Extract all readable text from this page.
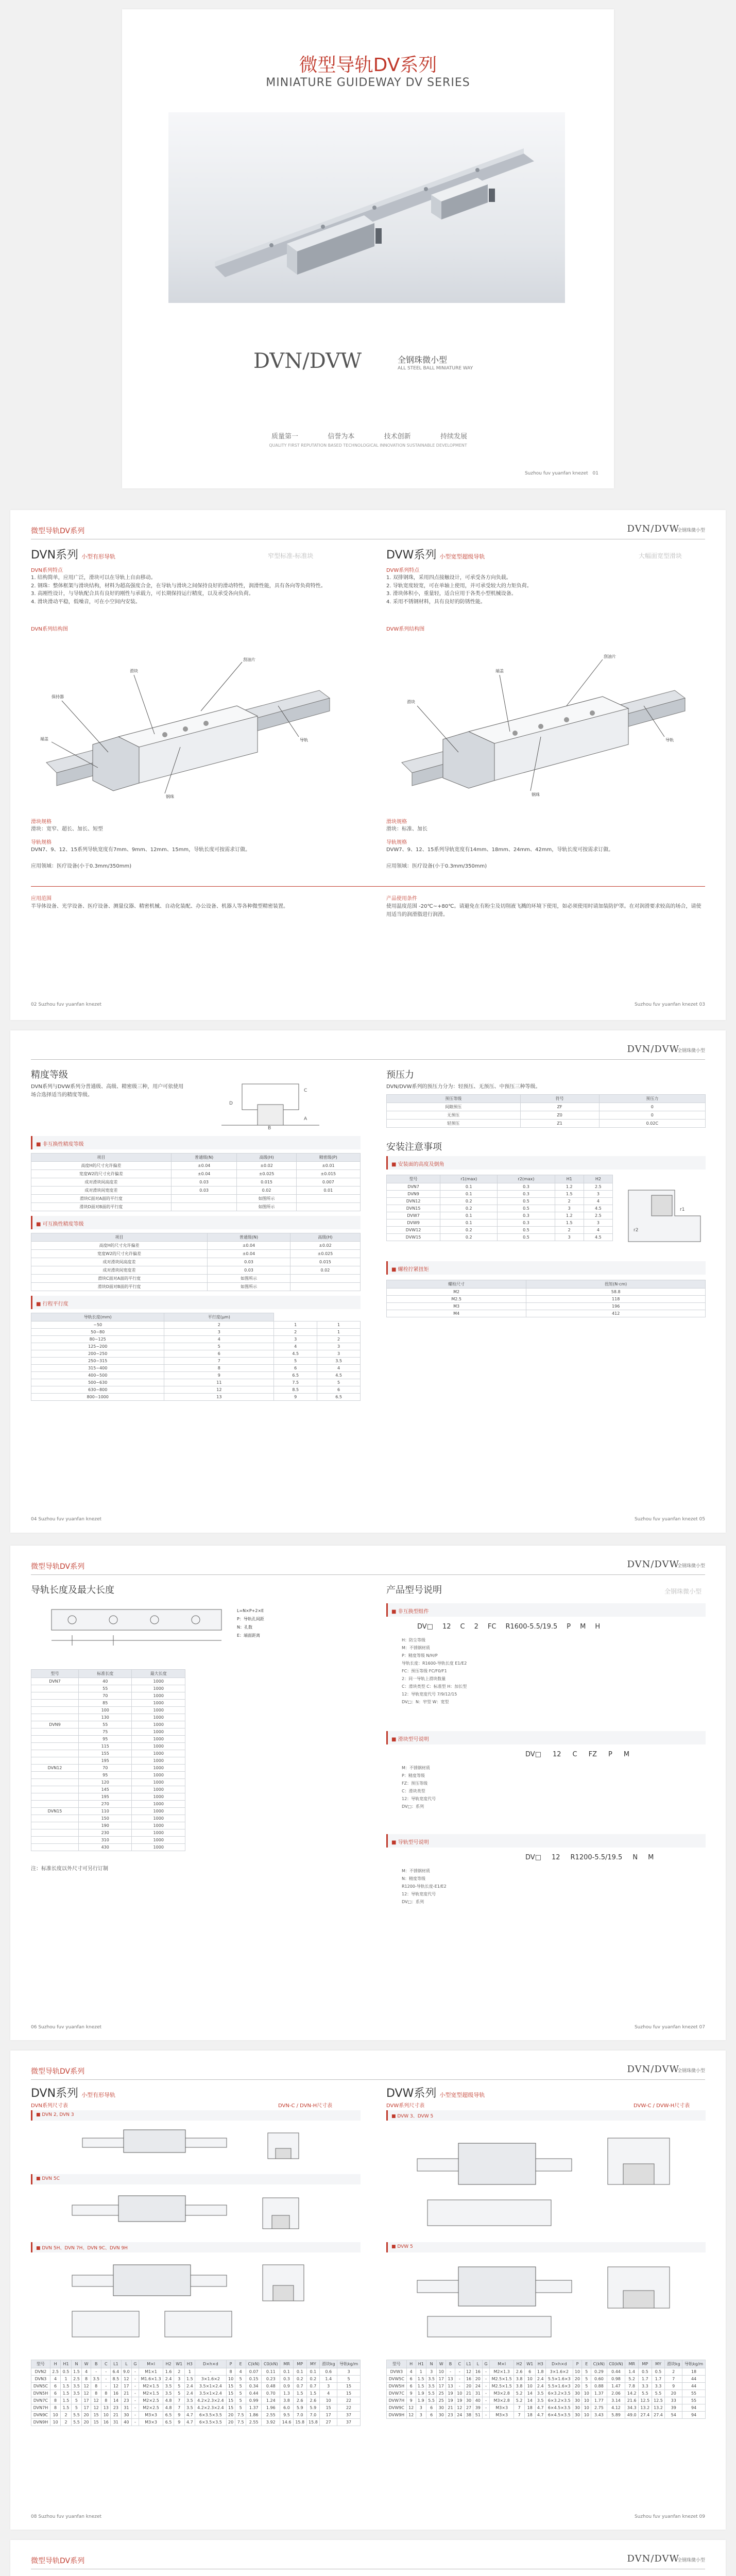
微型导轨DV系列
MINIATURE GUIDEWAY DV SERIES
DVN/DVW	全钢珠微小型
ALL STEEL BALL MINIATURE WAY
质量第一	信誉为本	技术创新	持续发展
QUALITY FIRST REPUTATION BASED TECHNOLOGICAL INNOVATION SUSTAINABLE DEVELOPMENT
Suzhou fuv yuanfan knezet 01
微型导轨DV系列	DVN/DVW
全钢珠微小型
DVN系列 小型有形导轨	窄型标准-标准块
DVN系列特点
1. 结构简单，应用广泛，滑块可以在导轨上自由移动。
2. 钢珠：整体框架与滑块结构，材料为超高强度合金，在导轨与滑块之间保持良好的滑动特性，润滑性能，具有各向等负荷特性。
3. 高刚性设计，与导轨配合具有良好的刚性与承载力，可长期保持运行精度，以及承受各向负荷。
4. 滑块滑动平稳，低噪音，可在小空间内安装。
DVN系列结构图
刮油片
滑块
保持器
钢珠
导轨
端盖
滑块规格
滑块：宽窄、超长、加长、短型
导轨规格
DVN7、9、12、15系列导轨宽度有7mm、9mm、12mm、15mm，导轨长度可按需求订做。
应用领域：医疗设备(小于0.3mm/350mm)
DVW系列 小型宽型超级导轨	大幅面宽型滑块
DVW系列特点
1. 双排钢珠，采用四点接触设计，可承受各方向负载。
2. 导轨宽度较宽，可在单轴上使用，并可承受较大的力矩负荷。
3. 滑块体积小，重量轻，适合应用于各类小型机械设备。
4. 采用不锈钢材料，具有良好的防锈性能。
DVW系列结构图
刮油片
端盖
滑块
导轨
钢珠
滑块规格
滑块：标准、加长
导轨规格
DVW7、9、12、15系列导轨宽度有14mm、18mm、24mm、42mm，导轨长度可按需求订做。
应用领域：医疗设备(小于0.3mm/350mm)
应用范围
半导体设备、光学设备、医疗设备、测量仪器、精密机械、自动化装配、办公设备、机器人等各种微型精密装置。
产品使用条件
使用温度范围 -20℃~+80℃。请避免在有粉尘及切削液飞溅的环境下使用，如必须使用时请加装防护罩。在对润滑要求较高的场合，请使用适当的润滑脂进行润滑。
02 Suzhou fuv yuanfan knezet	Suzhou fuv yuanfan knezet 03
DVN/DVW
全钢珠微小型
精度等级
DVN系列与DVW系列分普通级、高级、精密级三种，用户可依使用场合选择适当的精度等级。
C
A
D
B
■ 非互换性精度等级
项目	普通级(N)	高级(H)	精密级(P)
高度H的尺寸允许偏差	±0.04	±0.02	±0.01
宽度W2的尺寸允许偏差	±0.04	±0.025	±0.015
成对滑块间高度差	0.03	0.015	0.007
成对滑块间宽度差	0.03	0.02	0.01
滑块C面对A面的平行度		如图所示	
滑块D面对B面的平行度		如图所示	
■ 可互换性精度等级
项目	普通级(N)	高级(H)
高度H的尺寸允许偏差	±0.04	±0.02
宽度W2的尺寸允许偏差	±0.04	±0.025
成对滑块间高度差	0.03	0.015
成对滑块间宽度差	0.03	0.02
滑块C面对A面的平行度	如图所示	
滑块D面对B面的平行度	如图所示	
■ 行程平行度
导轨长度(mm)	平行度(μm)		
~50	2	1	1
50~80	3	2	1
80~125	4	3	2
125~200	5	4	3
200~250	6	4.5	3
250~315	7	5	3.5
315~400	8	6	4
400~500	9	6.5	4.5
500~630	11	7.5	5
630~800	12	8.5	6
800~1000	13	9	6.5
预压力
DVN/DVW系列的预压力分为：轻预压、无预压、中预压三种等级。
预压等级	符号	预压力
间隙预压	ZF	0
无预压	Z0	0
轻预压	Z1	0.02C
安装注意事项
■ 安装面的高度及倒角
型号	r1(max)	r2(max)	H1	H2
DVN7	0.1	0.3	1.2	2.5
DVN9	0.1	0.3	1.5	3
DVN12	0.2	0.5	2	4
DVN15	0.2	0.5	3	4.5
DVW7	0.1	0.3	1.2	2.5
DVW9	0.1	0.3	1.5	3
DVW12	0.2	0.5	2	4
DVW15	0.2	0.5	3	4.5
r1
r2
■ 螺栓拧紧扭矩
螺栓尺寸	扭矩(N·cm)
M2	58.8
M2.5	118
M3	196
M4	412
04 Suzhou fuv yuanfan knezet	Suzhou fuv yuanfan knezet 05
微型导轨DV系列	DVN/DVW
全钢珠微小型
导轨长度及最大长度
L=N×P+2×E
P：导轨孔间距
N：孔数
E：端面距离
型号	标准长度	最大长度
DVN7	40	1000
	55	1000
	70	1000
	85	1000
	100	1000
	130	1000
DVN9	55	1000
	75	1000
	95	1000
	115	1000
	155	1000
	195	1000
DVN12	70	1000
	95	1000
	120	1000
	145	1000
	195	1000
	270	1000
DVN15	110	1000
	150	1000
	190	1000
	230	1000
	310	1000
	430	1000
注：标准长度以外尺寸可另行订制
产品型号说明	全钢珠微小型
■ 非互换型组件
DV□ 12 C 2 FC R1600-5.5/19.5 P M H
H：防尘等级
M：不锈钢材质
P：精度等级 N/H/P
导轨长度：R1600-导轨长度 E1/E2
FC：预压等级 FC/F0/F1
2：同一导轨上滑块数量
C：滑块类型 C：标准型 H：加长型
12：导轨宽度代号 7/9/12/15
DV□：N：窄型 W：宽型
■ 滑块型号说明
DV□ 12 C FZ P M
M：不锈钢材质
P：精度等级
FZ：预压等级
C：滑块类型
12：导轨宽度代号
DV□：系列
■ 导轨型号说明
DV□ 12 R1200-5.5/19.5 N M
M：不锈钢材质
N：精度等级
R1200-导轨长度-E1/E2
12：导轨宽度代号
DV□：系列
06 Suzhou fuv yuanfan knezet	Suzhou fuv yuanfan knezet 07
微型导轨DV系列	DVN/DVW
全钢珠微小型
DVN系列 小型有形导轨
DVN系列尺寸表	DVN-C / DVN-H尺寸表
■ DVN 2, DVN 3
■ DVN 5C
■ DVN 5H、DVN 7H、DVN 9C、DVN 9H
型号	H	H1	N	W	B	C	L1	L	G	M×l	H2	W1	H3	D×h×d	P	E	C(kN)	C0(kN)	MR	MP	MY	滑块kg	导轨kg/m
DVN2	2.5	0.5	1.5	4	-	-	6.4	9.0	-	M1×1	1.6	2	1	-	8	4	0.07	0.11	0.1	0.1	0.1	0.6	3
DVN3	4	1	2.5	8	3.5	-	8.5	12	-	M1.6×1.3	2.4	3	1.5	3×1.6×2	10	5	0.15	0.23	0.3	0.2	0.2	1.4	5
DVN5C	6	1.5	3.5	12	8	-	12	17	-	M2×1.5	3.5	5	2.4	3.5×1×2.4	15	5	0.34	0.48	0.9	0.7	0.7	3	15
DVN5H	6	1.5	3.5	12	8	8	16	21	-	M2×1.5	3.5	5	2.4	3.5×1×2.4	15	5	0.44	0.70	1.3	1.5	1.5	4	15
DVN7C	8	1.5	5	17	12	8	14	23	-	M2×2.5	4.8	7	3.5	4.2×2.3×2.4	15	5	0.99	1.24	3.8	2.6	2.6	10	22
DVN7H	8	1.5	5	17	12	13	23	31	-	M2×2.5	4.8	7	3.5	4.2×2.3×2.4	15	5	1.37	1.96	6.0	5.9	5.9	15	22
DVN9C	10	2	5.5	20	15	10	21	30	-	M3×3	6.5	9	4.7	6×3.5×3.5	20	7.5	1.86	2.55	9.5	7.0	7.0	17	37
DVN9H	10	2	5.5	20	15	16	31	40	-	M3×3	6.5	9	4.7	6×3.5×3.5	20	7.5	2.55	3.92	14.6	15.8	15.8	27	37
DVW系列 小型宽型超级导轨
DVW系列尺寸表	DVW-C / DVW-H尺寸表
■ DVW 3、DVW 5
■ DVW 5
型号	H	H1	N	W	B	C	L1	L	G	M×l	H2	W1	H3	D×h×d	P	E	C(kN)	C0(kN)	MR	MP	MY	滑块kg	导轨kg/m
DVW3	4	1	3	10	-	-	12	16	-	M2×1.3	2.6	6	1.8	3×1.6×2	10	5	0.29	0.44	1.4	0.5	0.5	2	18
DVW5C	6	1.5	3.5	17	13	-	16	20	-	M2.5×1.5	3.8	10	2.4	5.5×1.6×3	20	5	0.60	0.98	5.2	1.7	1.7	7	44
DVW5H	6	1.5	3.5	17	13	-	20	24	-	M2.5×1.5	3.8	10	2.4	5.5×1.6×3	20	5	0.88	1.47	7.8	3.3	3.3	9	44
DVW7C	9	1.9	5.5	25	19	10	21	31	-	M3×2.8	5.2	14	3.5	6×3.2×3.5	30	10	1.37	2.06	14.2	5.5	5.5	20	55
DVW7H	9	1.9	5.5	25	19	19	30	40	-	M3×2.8	5.2	14	3.5	6×3.2×3.5	30	10	1.77	3.14	21.6	12.5	12.5	33	55
DVW9C	12	3	6	30	21	12	27	39	-	M3×3	7	18	4.7	6×4.5×3.5	30	10	2.75	4.12	34.3	13.2	13.2	39	94
DVW9H	12	3	6	30	23	24	38	51	-	M3×3	7	18	4.7	6×4.5×3.5	30	10	3.43	5.89	49.0	27.4	27.4	54	94
08 Suzhou fuv yuanfan knezet	Suzhou fuv yuanfan knezet 09
微型导轨DV系列	DVN/DVW
全钢珠微小型
